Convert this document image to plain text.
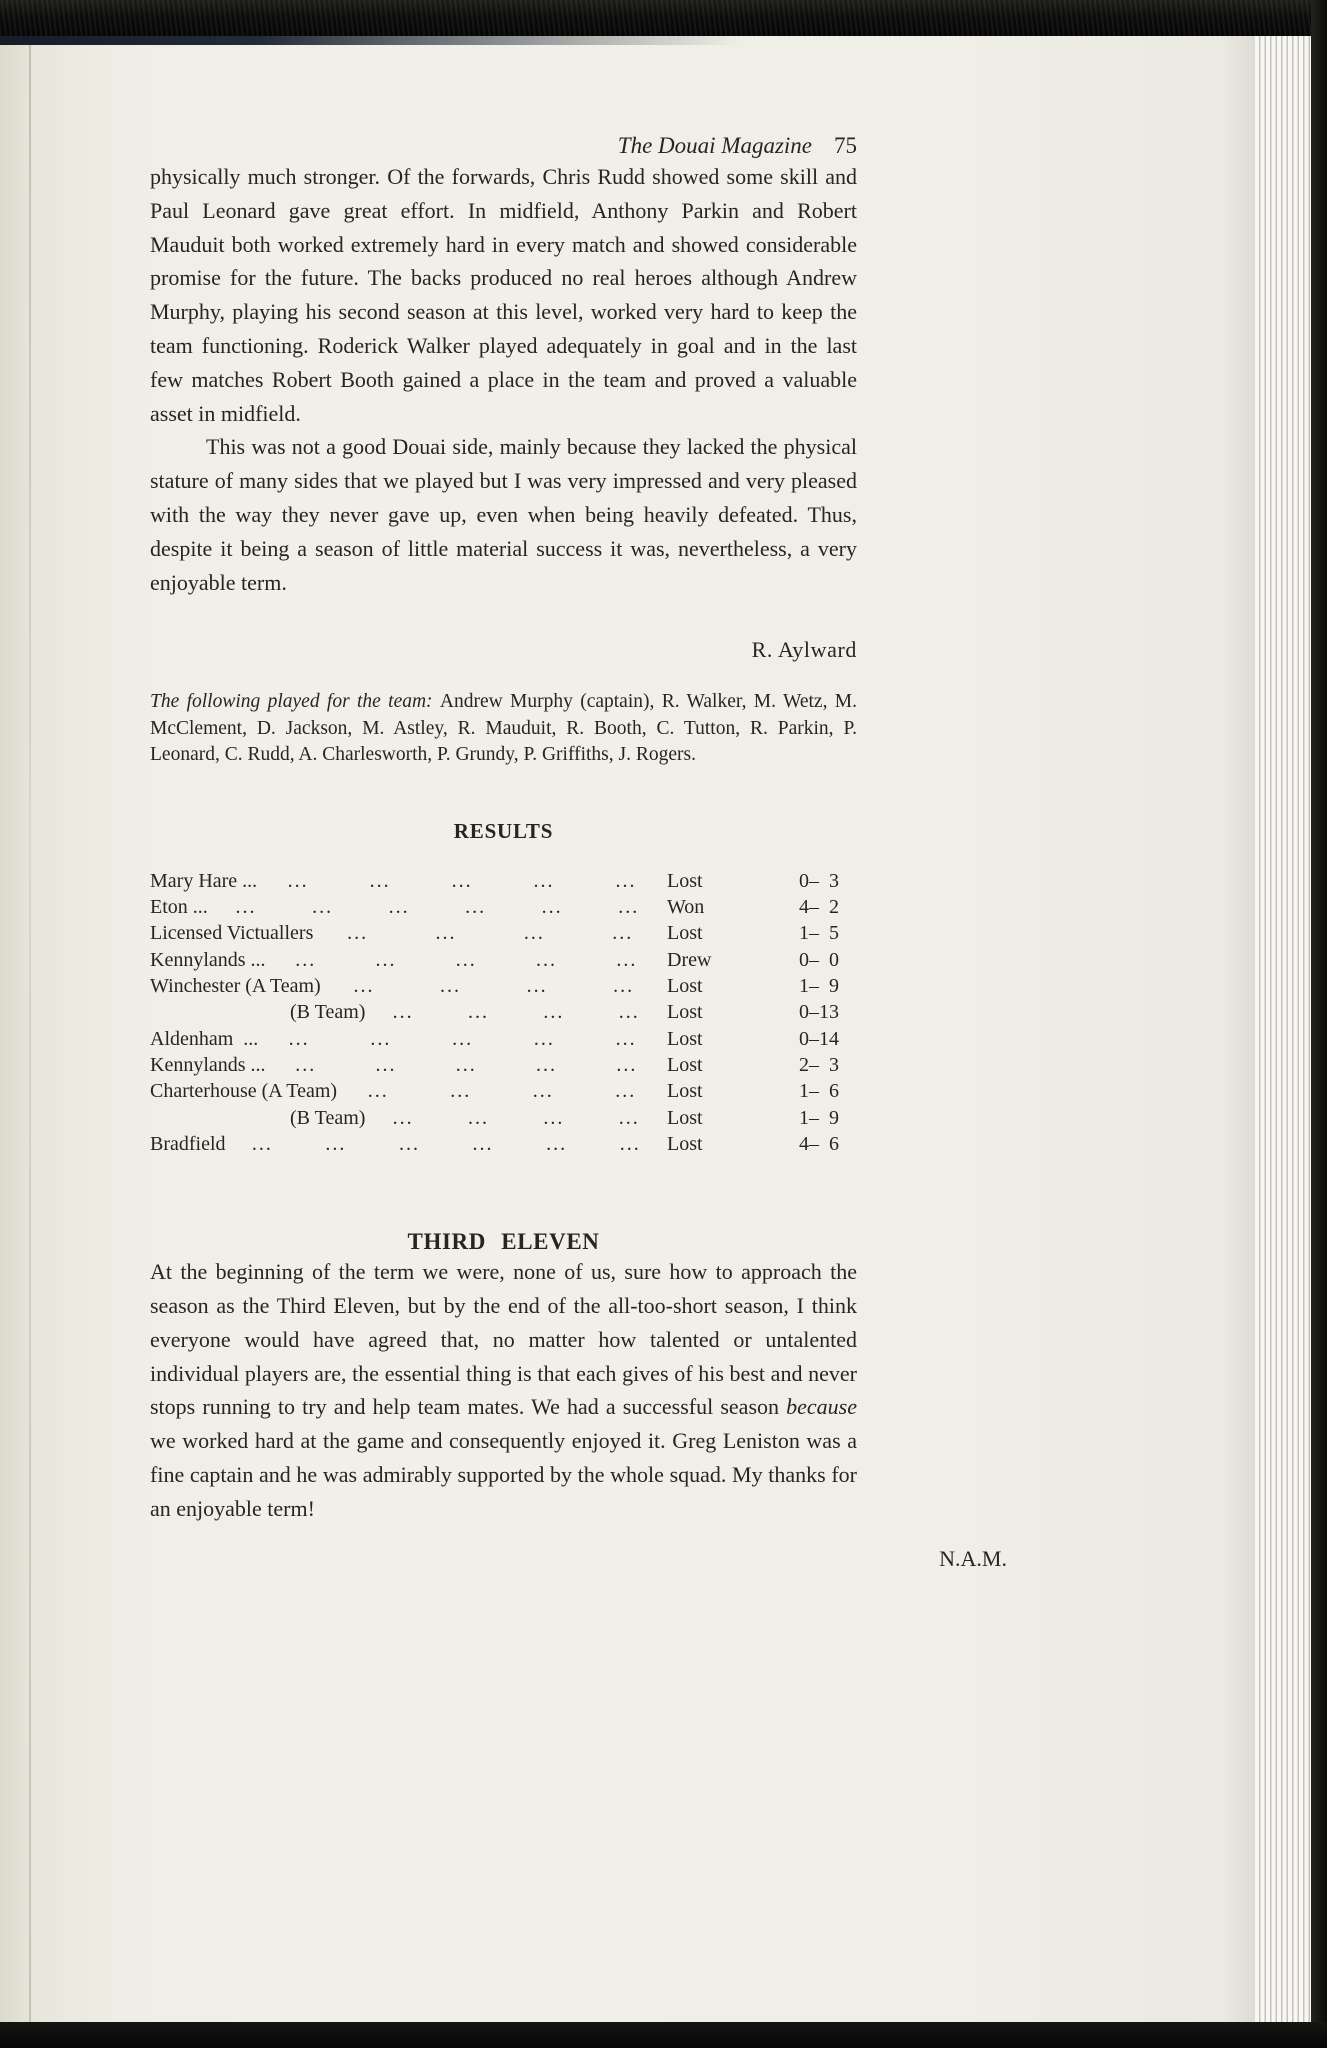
The Douai Magazine 75

physically much stronger. Of the forwards, Chris Rudd showed some skill and Paul Leonard gave great effort. In midfield, Anthony Parkin and Robert Mauduit both worked extremely hard in every match and showed considerable promise for the future. The backs produced no real heroes although Andrew Murphy, playing his second season at this level, worked very hard to keep the team functioning. Roderick Walker played adequately in goal and in the last few matches Robert Booth gained a place in the team and proved a valuable asset in midfield.

This was not a good Douai side, mainly because they lacked the physical stature of many sides that we played but I was very impressed and very pleased with the way they never gave up, even when being heavily defeated. Thus, despite it being a season of little material success it was, nevertheless, a very enjoyable term.

R. Aylward

The following played for the team: Andrew Murphy (captain), R. Walker, M. Wetz, M. McClement, D. Jackson, M. Astley, R. Mauduit, R. Booth, C. Tutton, R. Parkin, P. Leonard, C. Rudd, A. Charlesworth, P. Grundy, P. Griffiths, J. Rogers.

RESULTS
Mary Hare ... ...	...	...	...	... Lost	0–  3
Eton ... ...	...	...	...	...	... Won	4–  2
Licensed Victuallers ...	...	...	... Lost	1–  5
Kennylands ... ...	...	...	...	... Drew	0–  0
Winchester (A Team) ...	...	...	... Lost	1–  9
(B Team) ...	...	...	... Lost	0–13
Aldenham  ... ...	...	...	...	... Lost	0–14
Kennylands ... ...	...	...	...	... Lost	2–  3
Charterhouse (A Team) ...	...	...	... Lost	1–  6
(B Team) ...	...	...	... Lost	1–  9
Bradfield ...	...	...	...	...	... Lost	4–  6
THIRD ELEVEN

At the beginning of the term we were, none of us, sure how to approach the season as the Third Eleven, but by the end of the all-too-short season, I think everyone would have agreed that, no matter how talented or untalented individual players are, the essential thing is that each gives of his best and never stops running to try and help team mates. We had a successful season because we worked hard at the game and consequently enjoyed it. Greg Leniston was a fine captain and he was admirably supported by the whole squad. My thanks for an enjoyable term!

N.A.M.
